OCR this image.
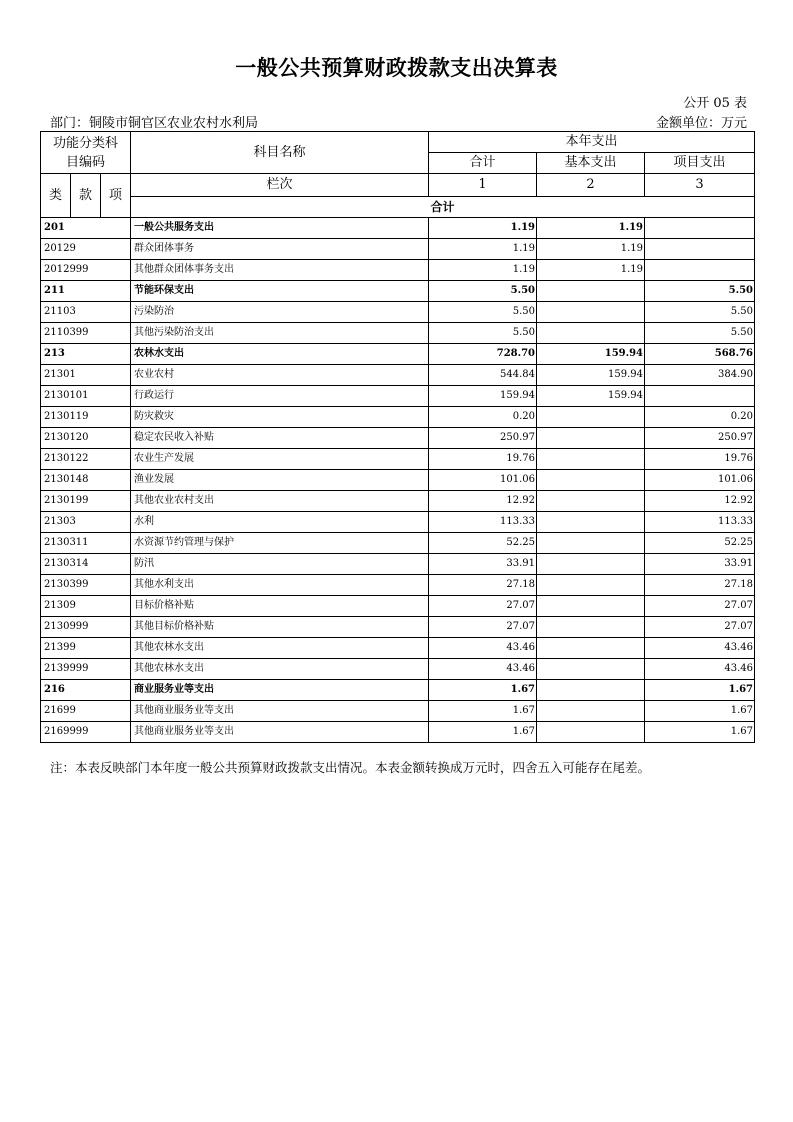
一般公共预算财政拨款支出决算表
公开 05 表
部门：铜陵市铜官区农业农村水利局	金额单位：万元
功能分类科
目编码			科目名称	本年支出			
				合计	基本支出	项目支出	
类	款	项	栏次	1	2	3	
			合计			
201			一般公共服务支出	1.19	1.19		
20129			群众团体事务	1.19	1.19		
2012999			其他群众团体事务支出	1.19	1.19		
211			节能环保支出	5.50		5.50	
21103			污染防治	5.50		5.50	
2110399			其他污染防治支出	5.50		5.50	
213			农林水支出	728.70	159.94	568.76	
21301			农业农村	544.84	159.94	384.90	
2130101			行政运行	159.94	159.94		
2130119			防灾救灾	0.20		0.20	
2130120			稳定农民收入补贴	250.97		250.97	
2130122			农业生产发展	19.76		19.76	
2130148			渔业发展	101.06		101.06	
2130199			其他农业农村支出	12.92		12.92	
21303			水利	113.33		113.33	
2130311			水资源节约管理与保护	52.25		52.25	
2130314			防汛	33.91		33.91	
2130399			其他水利支出	27.18		27.18	
21309			目标价格补贴	27.07		27.07	
2130999			其他目标价格补贴	27.07		27.07	
21399			其他农林水支出	43.46		43.46	
2139999			其他农林水支出	43.46		43.46	
216			商业服务业等支出	1.67		1.67	
21699			其他商业服务业等支出	1.67		1.67	
2169999			其他商业服务业等支出	1.67		1.67	
注：本表反映部门本年度一般公共预算财政拨款支出情况。本表金额转换成万元时，四舍五入可能存在尾差。
